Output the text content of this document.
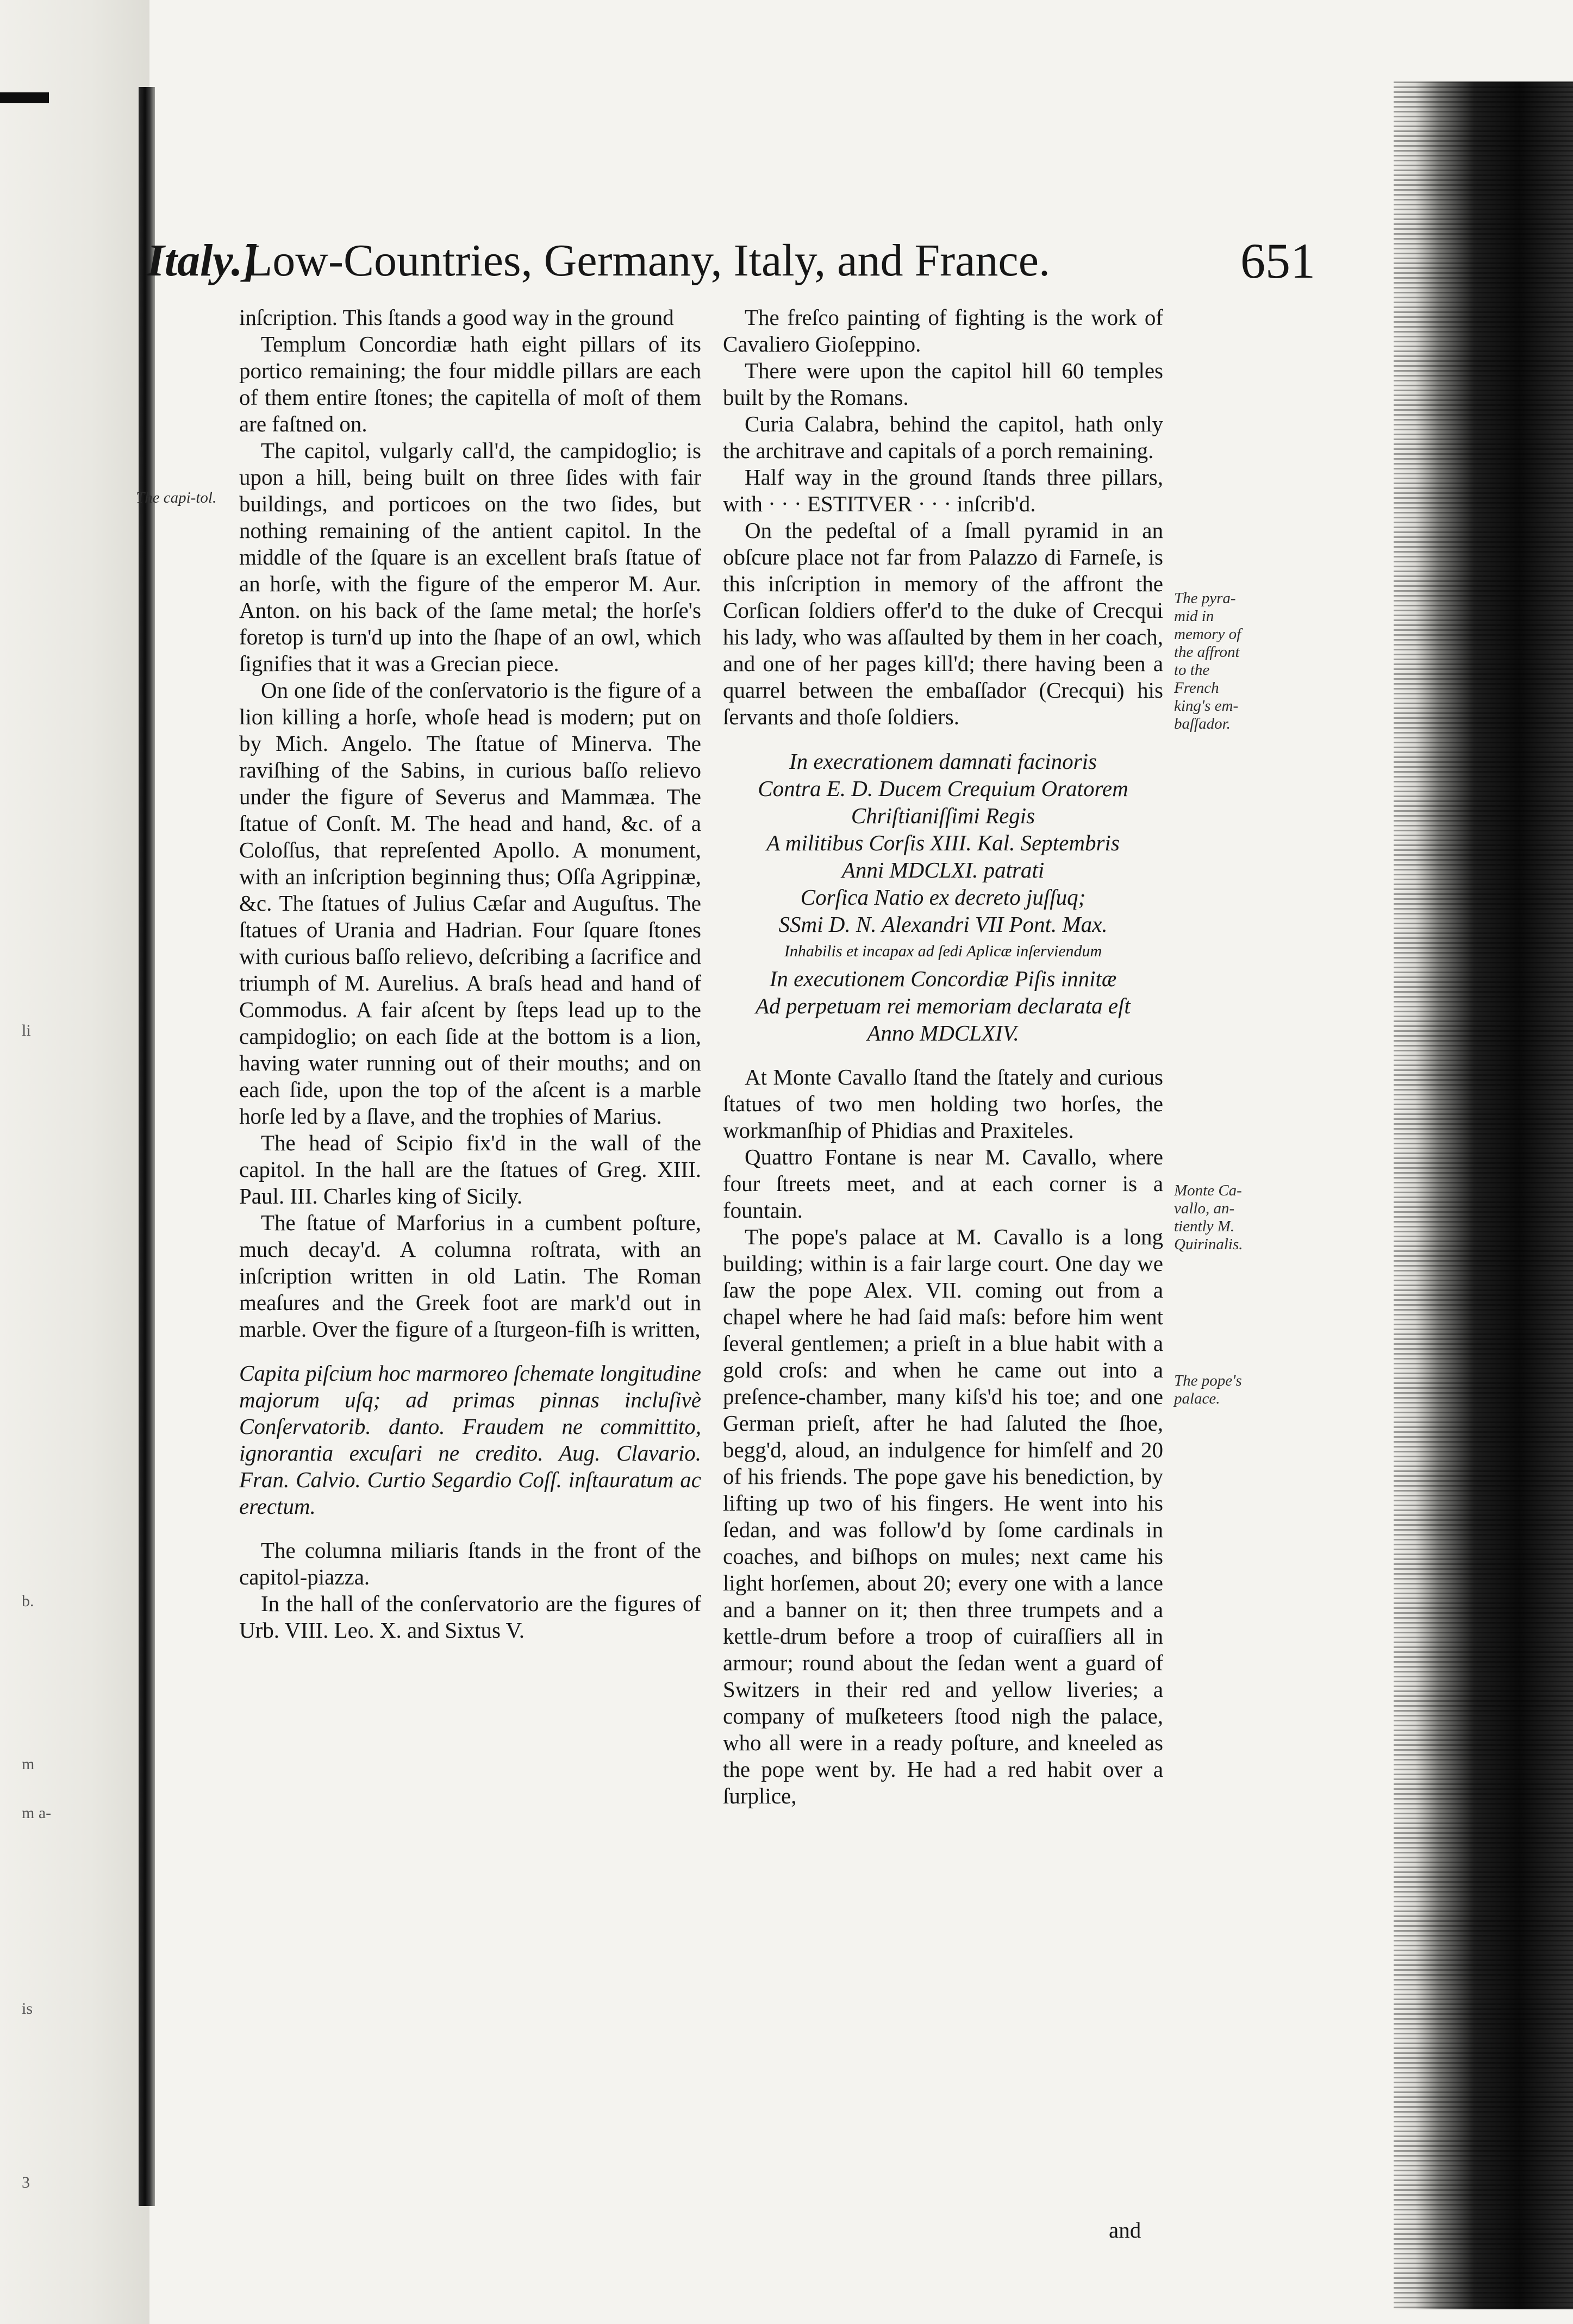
li
b.
m
m a-
is
3
Italy.]
Low-Countries, Germany, Italy, and France.	651
The capi-tol.

inſcription. This ſtands a good way in the ground

Templum Concordiæ hath eight pillars of its portico remaining; the four middle pillars are each of them entire ſtones; the capitella of moſt of them are faſtned on.

The capitol, vulgarly call'd, the campidoglio; is upon a hill, being built on three ſides with fair buildings, and porticoes on the two ſides, but nothing remaining of the antient capitol. In the middle of the ſquare is an excellent braſs ſtatue of an horſe, with the figure of the emperor M. Aur. Anton. on his back of the ſame metal; the horſe's foretop is turn'd up into the ſhape of an owl, which ſignifies that it was a Grecian piece.

On one ſide of the conſervatorio is the figure of a lion killing a horſe, whoſe head is modern; put on by Mich. Angelo. The ſtatue of Minerva. The raviſhing of the Sabins, in curious baſſo relievo under the figure of Severus and Mammæa. The ſtatue of Conſt. M. The head and hand, &c. of a Coloſſus, that repreſented Apollo. A monument, with an inſcription beginning thus; Oſſa Agrippinæ, &c. The ſtatues of Julius Cæſar and Auguſtus. The ſtatues of Urania and Hadrian. Four ſquare ſtones with curious baſſo relievo, deſcribing a ſacrifice and triumph of M. Aurelius. A braſs head and hand of Commodus. A fair aſcent by ſteps lead up to the campidoglio; on each ſide at the bottom is a lion, having water running out of their mouths; and on each ſide, upon the top of the aſcent is a marble horſe led by a ſlave, and the trophies of Marius.

The head of Scipio fix'd in the wall of the capitol. In the hall are the ſtatues of Greg. XIII. Paul. III. Charles king of Sicily.

The ſtatue of Marforius in a cumbent poſture, much decay'd. A columna roſtrata, with an inſcription written in old Latin. The Roman meaſures and the Greek foot are mark'd out in marble. Over the figure of a ſturgeon-fiſh is written,

Capita piſcium hoc marmoreo ſchemate longitudine majorum uſq; ad primas pinnas incluſivè Conſervatorib. danto. Fraudem ne committito, ignorantia excuſari ne credito. Aug. Clavario. Fran. Calvio. Curtio Segardio Coſſ. inſtauratum ac erectum.

The columna miliaris ſtands in the front of the capitol-piazza.

In the hall of the conſervatorio are the figures of Urb. VIII. Leo. X. and Sixtus V.

The freſco painting of fighting is the work of Cavaliero Gioſeppino.

There were upon the capitol hill 60 temples built by the Romans.

Curia Calabra, behind the capitol, hath only the architrave and capitals of a porch remaining.

Half way in the ground ſtands three pillars, with · · · ESTITVER · · · inſcrib'd.

On the pedeſtal of a ſmall pyramid in an obſcure place not far from Palazzo di Farneſe, is this inſcription in memory of the affront the Corſican ſoldiers offer'd to the duke of Crecqui his lady, who was aſſaulted by them in her coach, and one of her pages kill'd; there having been a quarrel between the embaſſador (Crecqui) his ſervants and thoſe ſoldiers.

In execrationem damnati facinoris
Contra E. D. Ducem Crequium Oratorem
Chriſtianiſſimi Regis
A militibus Corſis XIII. Kal. Septembris
Anni MDCLXI. patrati
Corſica Natio ex decreto juſſuq;
SSmi D. N. Alexandri VII Pont. Max.
Inhabilis et incapax ad ſedi Aplicæ inſerviendum
In executionem Concordiæ Piſis innitæ
Ad perpetuam rei memoriam declarata eſt
Anno MDCLXIV.

At Monte Cavallo ſtand the ſtately and curious ſtatues of two men holding two horſes, the workmanſhip of Phidias and Praxiteles.

Quattro Fontane is near M. Cavallo, where four ſtreets meet, and at each corner is a fountain.

The pope's palace at M. Cavallo is a long building; within is a fair large court. One day we ſaw the pope Alex. VII. coming out from a chapel where he had ſaid maſs: before him went ſeveral gentlemen; a prieſt in a blue habit with a gold croſs: and when he came out into a preſence-chamber, many kiſs'd his toe; and one German prieſt, after he had ſaluted the ſhoe, begg'd, aloud, an indulgence for himſelf and 20 of his friends. The pope gave his benediction, by lifting up two of his fingers. He went into his ſedan, and was follow'd by ſome cardinals in coaches, and biſhops on mules; next came his light horſemen, about 20; every one with a lance and a banner on it; then three trumpets and a kettle-drum before a troop of cuiraſſiers all in armour; round about the ſedan went a guard of Switzers in their red and yellow liveries; a company of muſketeers ſtood nigh the palace, who all were in a ready poſture, and kneeled as the pope went by. He had a red habit over a ſurplice,

The pyra-mid in memory of the affront to the French king's em-baſſador.
Monte Ca-vallo, an-tiently M. Quirinalis.
The pope's palace.
and
